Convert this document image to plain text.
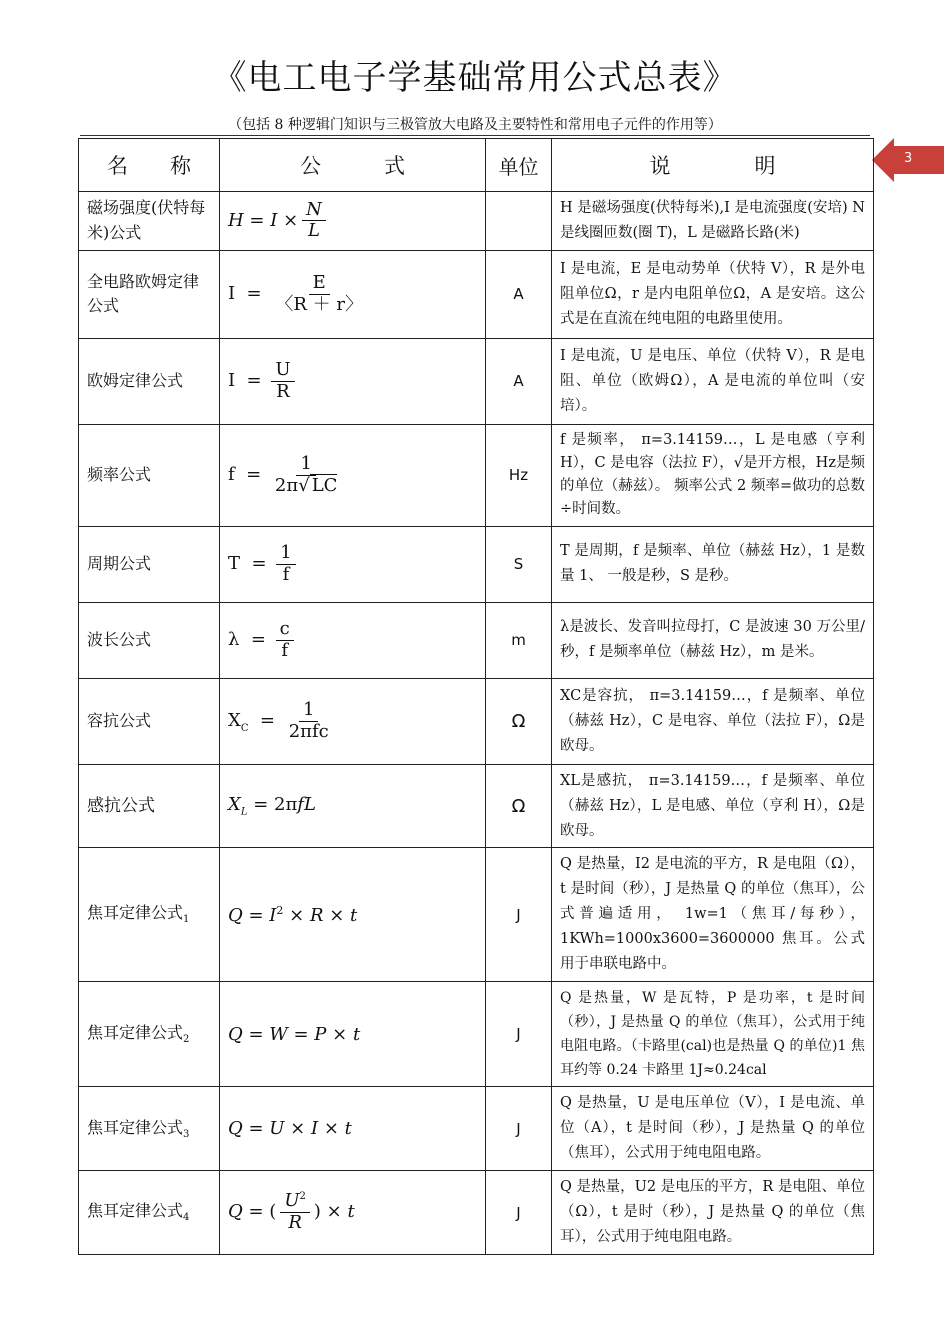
《电工电子学基础常用公式总表》
（包括 8 种逻辑门知识与三极管放大电路及主要特性和常用电子元件的作用等）
3
名　　称	公　　　式	单位	说　　　　明
磁场强度(伏特每米)公式	$H = I \times \frac{N}{L}$		H 是磁场强度(伏特每米),I 是电流强度(安培) N 是线圈匝数(圈 T)，L 是磁路长路(米)
全电路欧姆定律公式	$I = \frac{E}{〈R + r〉}$	A	I 是电流，E 是电动势单（伏特 V），R 是外电阻单位Ω，r 是内电阻单位Ω，A 是安培。这公式是在直流在纯电阻的电路里使用。
欧姆定律公式	$I = \frac{U}{R}$	A	I 是电流，U 是电压、单位（伏特 V），R 是电阻、单位（欧姆Ω），A 是电流的单位叫（安培）。
频率公式	$f = \frac{1}{2\pi√ LC}$	Hz	f 是频率， π=3.14159…，L 是电感（亨利 H），C 是电容（法拉 F），√是开方根，Hz是频的单位（赫兹）。 频率公式 2 频率=做功的总数÷时间数。
周期公式	$T = \frac{1}{f}$	S	T 是周期，f 是频率、单位（赫兹 Hz），1 是数量 1、 一般是秒，S 是秒。
波长公式	$\lambda = \frac{c}{f}$	m	λ是波长、发音叫拉母打，C 是波速 30 万公里/秒，f 是频率单位（赫兹 Hz），m 是米。
容抗公式	$X_C = \frac{1}{\text{2πfc}}$	Ω	XC是容抗， π=3.14159…，f 是频率、单位（赫兹 Hz），C 是电容、单位（法拉 F），Ω是欧母。
感抗公式	$X_L = 2\pi fL$	Ω	XL是感抗， π=3.14159…，f 是频率、单位（赫兹 Hz），L 是电感、单位（亨利 H），Ω是欧母。
焦耳定律公式$_1$	$Q = I^2 \times R \times t$	J	Q 是热量，I2 是电流的平方，R 是电阻（Ω），t 是时间（秒），J 是热量 Q 的单位（焦耳），公式普遍适用， 1w=1（焦耳/每秒），1KWh=1000x3600=3600000 焦耳。公式用于串联电路中。
焦耳定律公式$_2$	Q = W = P × t	J	Q 是热量，W 是瓦特，P 是功率，t 是时间（秒），J 是热量 Q 的单位（焦耳），公式用于纯电阻电路。（卡路里(cal)也是热量 Q 的单位)1 焦耳约等 0.24 卡路里 1J≈0.24cal
焦耳定律公式$_3$	Q = U × I × t	J	Q 是热量，U 是电压单位（V），I 是电流、单位（A），t 是时间（秒），J 是热量 Q 的单位（焦耳），公式用于纯电阻电路。
焦耳定律公式$_4$	Q = ( $\frac{U^2}{R}$ ) × t	J	Q 是热量，U2 是电压的平方，R 是电阻、单位（Ω），t 是时（秒），J 是热量 Q 的单位（焦耳），公式用于纯电阻电路。
